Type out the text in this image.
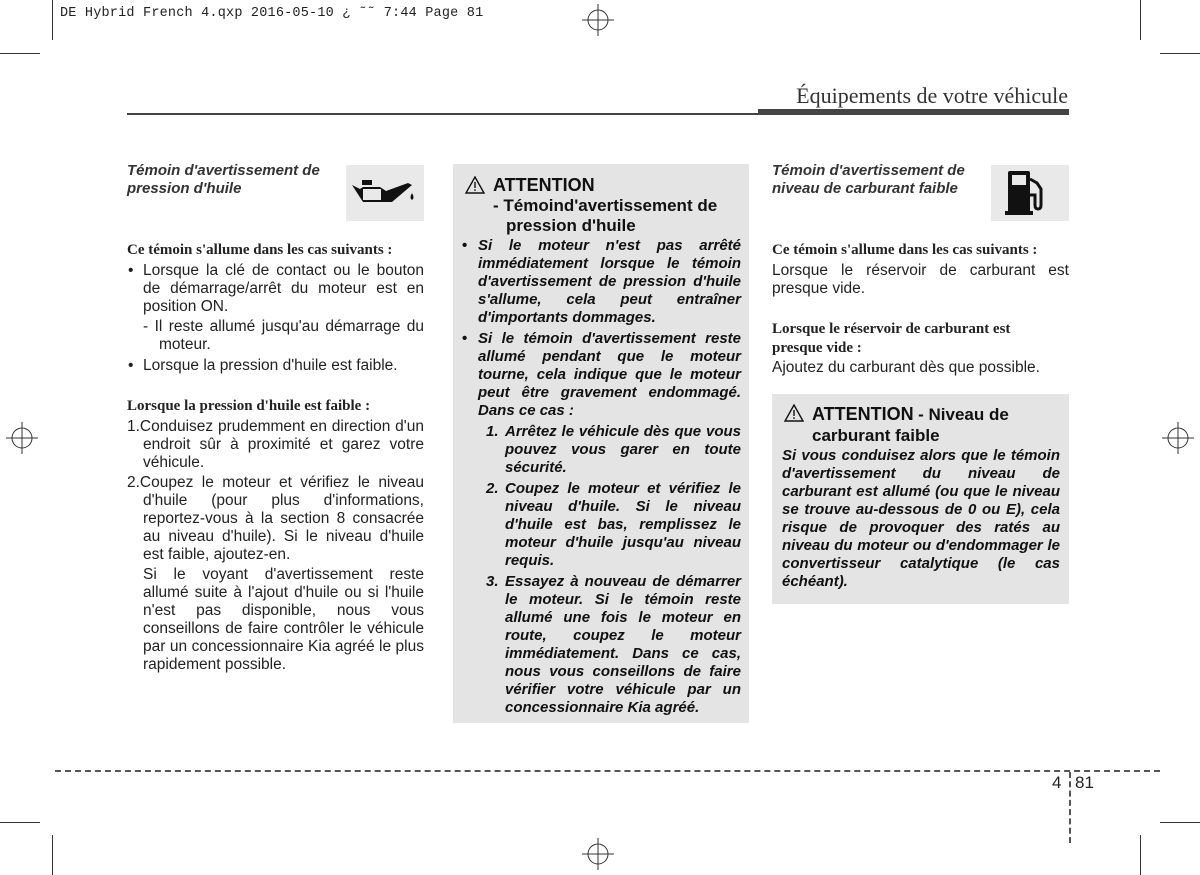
DE Hybrid French 4.qxp 2016-05-10 ¿ ˜˜ 7:44 Page 81
Équipements de votre véhicule
Témoin d'avertissement de pression d'huile
Ce témoin s'allume dans les cas suivants :
• Lorsque la clé de contact ou le bouton de démarrage/arrêt du moteur est en position ON.
- Il reste allumé jusqu'au démarrage du moteur.
• Lorsque la pression d'huile est faible.
Lorsque la pression d'huile est faible :
1.Conduisez prudemment en direction d'un endroit sûr à proximité et garez votre véhicule.
2.Coupez le moteur et vérifiez le niveau d'huile (pour plus d'informations, reportez-vous à la section 8 consacrée au niveau d'huile). Si le niveau d'huile est faible, ajoutez-en.
Si le voyant d'avertissement reste allumé suite à l'ajout d'huile ou si l'huile n'est pas disponible, nous vous conseillons de faire contrôler le véhicule par un concessionnaire Kia agréé le plus rapidement possible.
ATTENTION
- Témoind'avertissement de pression d'huile
• Si le moteur n'est pas arrêté immédiatement lorsque le témoin d'avertissement de pression d'huile s'allume, cela peut entraîner d'importants dommages.
• Si le témoin d'avertissement reste allumé pendant que le moteur tourne, cela indique que le moteur peut être gravement endommagé. Dans ce cas :
1. Arrêtez le véhicule dès que vous pouvez vous garer en toute sécurité.
2. Coupez le moteur et vérifiez le niveau d'huile. Si le niveau d'huile est bas, remplissez le moteur d'huile jusqu'au niveau requis.
3. Essayez à nouveau de démarrer le moteur. Si le témoin reste allumé une fois le moteur en route, coupez le moteur immédiatement. Dans ce cas, nous vous conseillons de faire vérifier votre véhicule par un concessionnaire Kia agréé.
Témoin d'avertissement de niveau de carburant faible
Ce témoin s'allume dans les cas suivants :
Lorsque le réservoir de carburant est presque vide.
Lorsque le réservoir de carburant est presque vide :
Ajoutez du carburant dès que possible.
ATTENTION - Niveau de
carburant faible
Si vous conduisez alors que le témoin d'avertissement du niveau de carburant est allumé (ou que le niveau se trouve au-dessous de 0 ou E), cela risque de provoquer des ratés au niveau du moteur ou d'endommager le convertisseur catalytique (le cas échéant).
4 81
